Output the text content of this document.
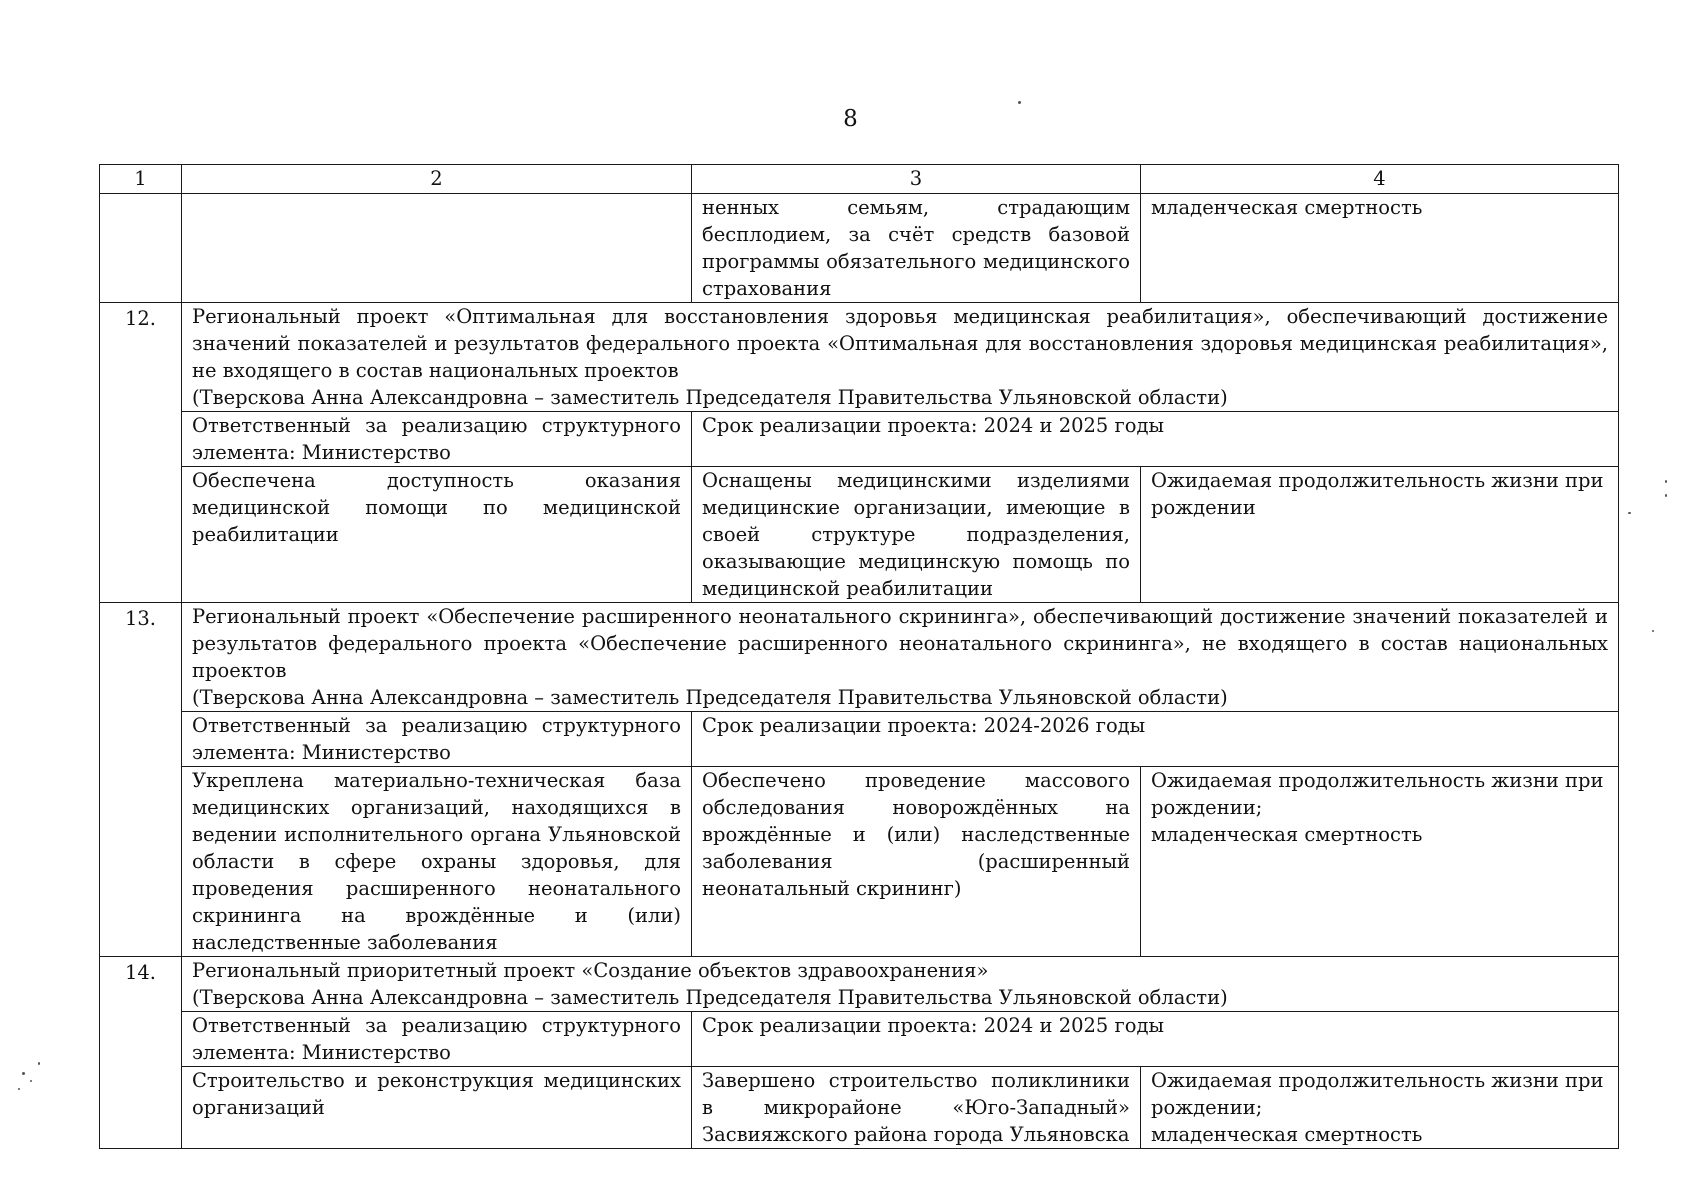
8
1	2	3	4
		ненных семьям, страдающим бесплодием, за счёт средств базовой программы обязательного медицинского страхования	младенческая смертность
12.	Региональный проект «Оптимальная для восстановления здоровья медицинская реабилитация», обеспечивающий достижение значений показателей и результатов федерального проекта «Оптимальная для восстановления здоровья медицинская реабилитация», не входящего в состав национальных проектов
(Тверскова Анна Александровна – заместитель Председателя Правительства Ульяновской области)		

	Ответственный за реализацию структурного элемента: Министерство	Срок реализации проекта: 2024 и 2025 годы	
	Обеспечена доступность оказания медицинской помощи по медицинской реабилитации	Оснащены медицинскими изделиями медицинские организации, имеющие в своей структуре подразделения, оказывающие медицинскую помощь по медицинской реабилитации	Ожидаемая продолжительность жизни при рождении
13.	Региональный проект «Обеспечение расширенного неонатального скрининга», обеспечивающий достижение значений показателей и результатов федерального проекта «Обеспечение расширенного неонатального скрининга», не входящего в состав национальных проектов
(Тверскова Анна Александровна – заместитель Председателя Правительства Ульяновской области)		

	Ответственный за реализацию структурного элемента: Министерство	Срок реализации проекта: 2024-2026 годы	
	Укреплена материально-техническая база медицинских организаций, находящихся в ведении исполнительного органа Ульяновской области в сфере охраны здоровья, для проведения расширенного неонатального скрининга на врождённые и (или) наследственные заболевания	Обеспечено проведение массового обследования новорождённых на врождённые и (или) наследственные заболевания (расширенный неонатальный скрининг)	Ожидаемая продолжительность жизни при рождении;
младенческая смертность

14.	Региональный приоритетный проект «Создание объектов здравоохранения»
(Тверскова Анна Александровна – заместитель Председателя Правительства Ульяновской области)		

	Ответственный за реализацию структурного элемента: Министерство	Срок реализации проекта: 2024 и 2025 годы	
	Строительство и реконструкция медицинских организаций	Завершено строительство поликлиники в микрорайоне «Юго-Западный» Засвияжского района города Ульяновска	Ожидаемая продолжительность жизни при рождении;
младенческая смертность
